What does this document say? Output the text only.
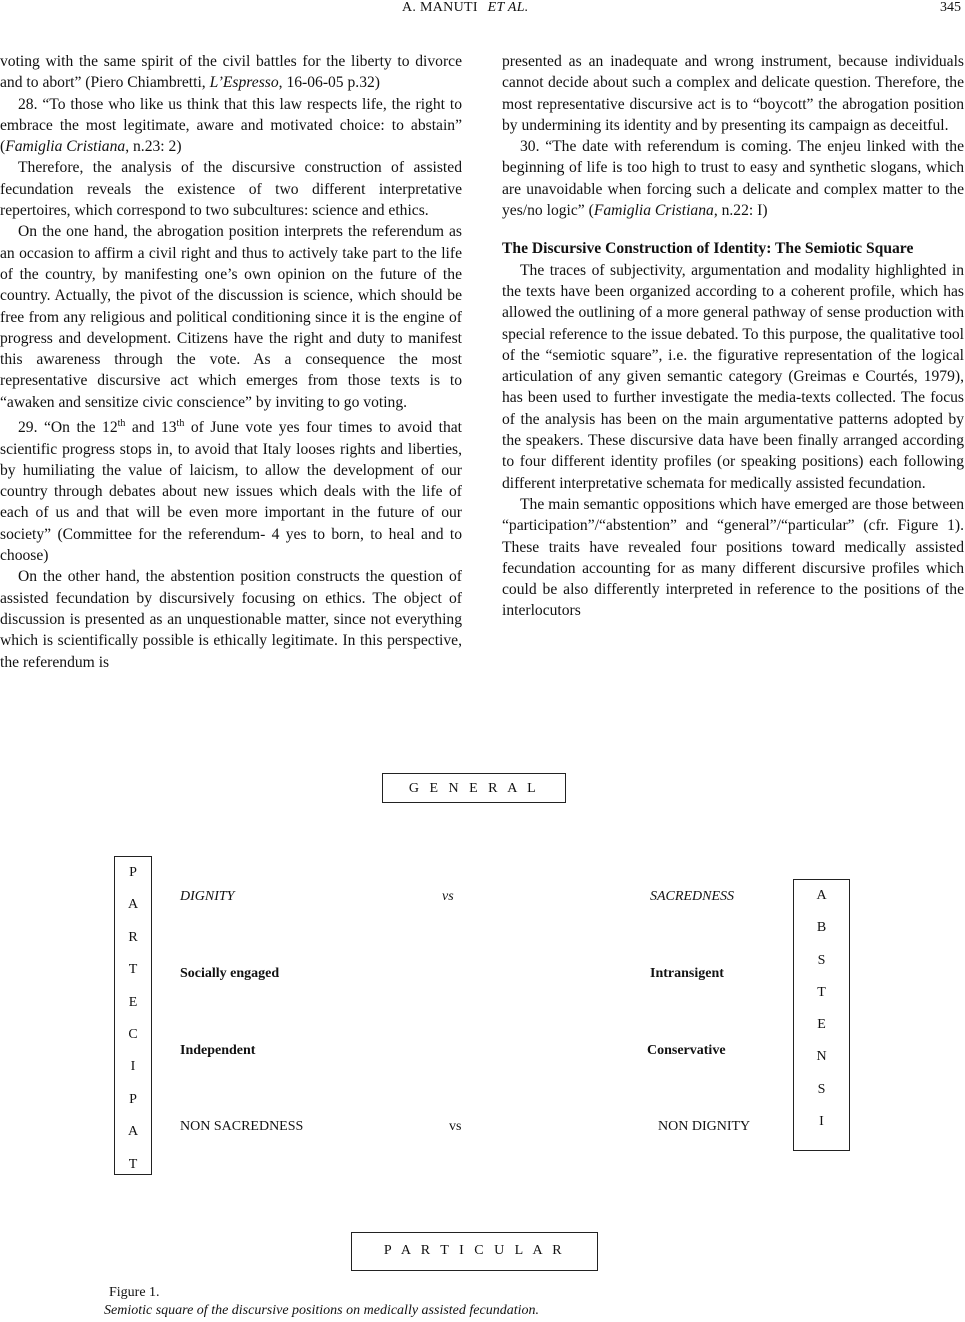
A. MANUTI ET AL.	345

voting with the same spirit of the civil battles for the liberty to divorce and to abort” (Piero Chiambretti, L’Espresso, 16-06-05 p.32)

28. “To those who like us think that this law respects life, the right to embrace the most legitimate, aware and motivated choice: to abstain” (Famiglia Cristiana, n.23: 2)

Therefore, the analysis of the discursive construction of assisted fecundation reveals the existence of two different interpretative repertoires, which correspond to two subcultures: science and ethics.

On the one hand, the abrogation position interprets the referendum as an occasion to affirm a civil right and thus to actively take part to the life of the country, by manifesting one’s own opinion on the future of the country. Actually, the pivot of the discussion is science, which should be free from any religious and political conditioning since it is the engine of progress and development. Citizens have the right and duty to manifest this awareness through the vote. As a consequence the most representative discursive act which emerges from those texts is to “awaken and sensitize civic conscience” by inviting to go voting.

29. “On the 12th and 13th of June vote yes four times to avoid that scientific progress stops in, to avoid that Italy looses rights and liberties, by humiliating the value of laicism, to allow the development of our country through debates about new issues which deals with the life of each of us and that will be even more important in the future of our society” (Committee for the referendum- 4 yes to born, to heal and to choose)

On the other hand, the abstention position constructs the question of assisted fecundation by discursively focusing on ethics. The object of discussion is presented as an unquestionable matter, since not everything which is scientifically possible is ethically legitimate. In this perspective, the referendum is

presented as an inadequate and wrong instrument, because individuals cannot decide about such a complex and delicate question. Therefore, the most representative discursive act is to “boycott” the abrogation position by undermining its identity and by presenting its campaign as deceitful.

30. “The date with referendum is coming. The enjeu linked with the beginning of life is too high to trust to easy and synthetic slogans, which are unavoidable when forcing such a delicate and complex matter to the yes/no logic” (Famiglia Cristiana, n.22: I)

The Discursive Construction of Identity: The Semiotic Square

The traces of subjectivity, argumentation and modality highlighted in the texts have been organized according to a coherent profile, which has allowed the outlining of a more general pathway of sense production with special reference to the issue debated. To this purpose, the qualitative tool of the “semiotic square”, i.e. the figurative representation of the logical articulation of any given semantic category (Greimas e Courtés, 1979), has been used to further investigate the media-texts collected. The focus of the analysis has been on the main argumentative patterns adopted by the speakers. These discursive data have been finally arranged according to four different identity profiles (or speaking positions) each following different interpretative schemata for medically assisted fecundation.

The main semantic oppositions which have emerged are those between “participation”/“abstention” and “general”/“particular” (cfr. Figure 1). These traits have revealed four positions toward medically assisted fecundation accounting for as many different discursive profiles which could be also differently interpreted in reference to the positions of the interlocutors

G E N E R A L
P
A
R
T
E
C
I
P
A
T
A
B
S
T
E
N
S
I
DIGNITY	vs	SACREDNESS
Socially engaged	Intransigent
Independent	Conservative
NON SACREDNESS	vs	NON DIGNITY
P A R T I C U L A R
Figure 1.
Semiotic square of the discursive positions on medically assisted fecundation.
